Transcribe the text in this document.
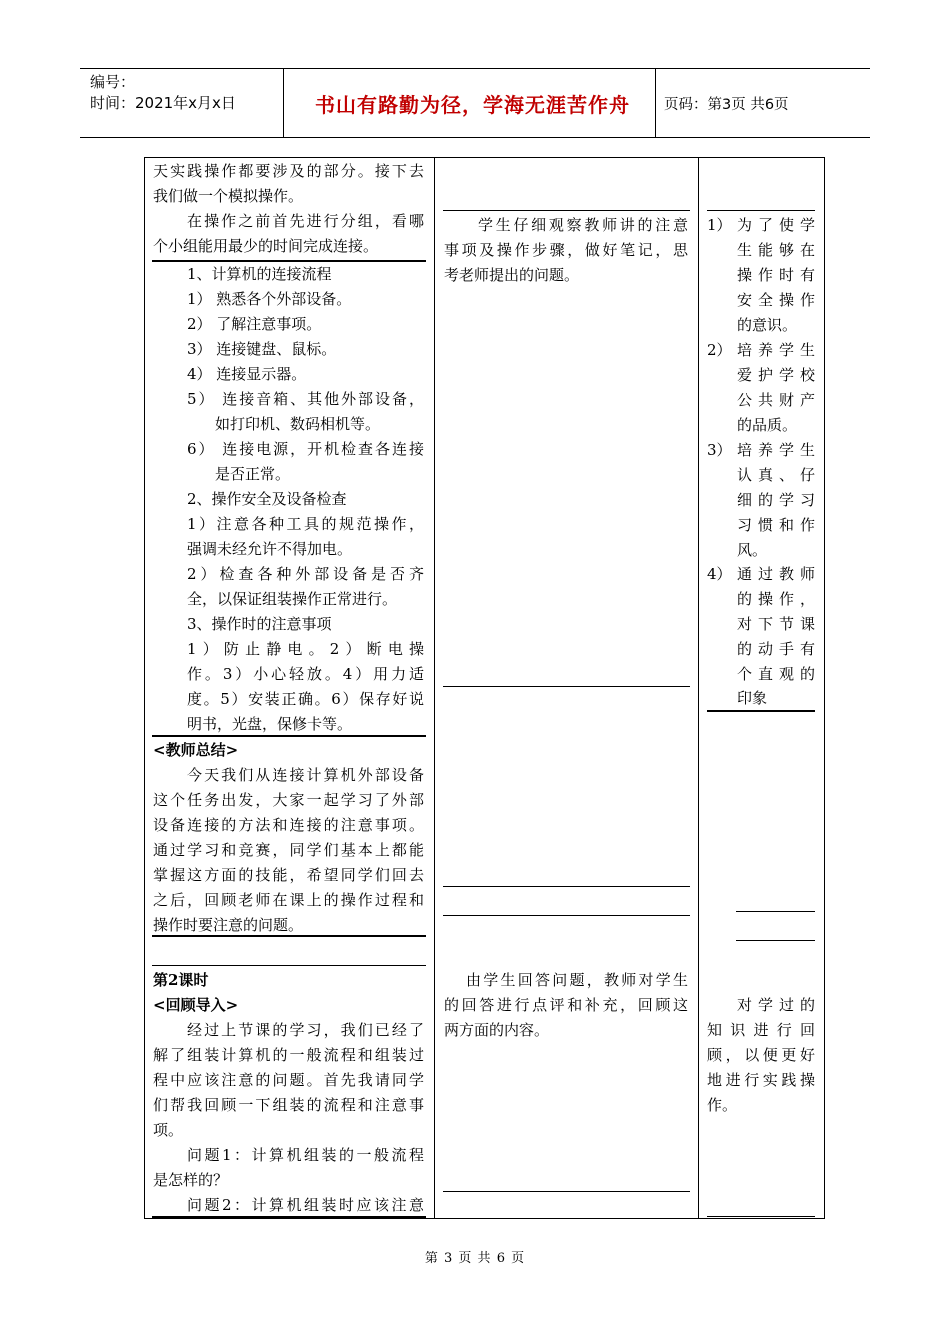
编号：
时间：2021年x月x日	书山有路勤为径，学海无涯苦作舟	页码：第3页 共6页
天实践操作都要涉及的部分。接下去
我们做一个模拟操作。
在操作之前首先进行分组，看哪
个小组能用最少的时间完成连接。
1、计算机的连接流程
1） 熟悉各个外部设备。
2） 了解注意事项。
3） 连接键盘、鼠标。
4） 连接显示器。
5） 连接音箱、其他外部设备，
如打印机、数码相机等。
6） 连接电源，开机检查各连接
是否正常。
2、操作安全及设备检查
1）注意各种工具的规范操作，
强调未经允许不得加电。
2）检查各种外部设备是否齐
全，以保证组装操作正常进行。
3、操作时的注意事项
1）防止静电。2）断电操
作。3）小心轻放。4）用力适
度。5）安装正确。6）保存好说
明书，光盘，保修卡等。
<教师总结>
今天我们从连接计算机外部设备
这个任务出发，大家一起学习了外部
设备连接的方法和连接的注意事项。
通过学习和竞赛，同学们基本上都能
掌握这方面的技能，希望同学们回去
之后，回顾老师在课上的操作过程和
操作时要注意的问题。
第2课时
<回顾导入>
经过上节课的学习，我们已经了
解了组装计算机的一般流程和组装过
程中应该注意的问题。首先我请同学
们帮我回顾一下组装的流程和注意事
项。
问题1：计算机组装的一般流程
是怎样的？
问题2：计算机组装时应该注意
学生仔细观察教师讲的注意
事项及操作步骤，做好笔记，思
考老师提出的问题。
由学生回答问题，教师对学生
的回答进行点评和补充，回顾这
两方面的内容。
1） 为了使学
生能够在
操作时有
安全操作
的意识。
2） 培养学生
爱护学校
公共财产
的品质。
3） 培养学生
认真、仔
细的学习
习惯和作
风。
4） 通过教师
的操作，
对下节课
的动手有
个直观的
印象
对学过的
知识进行回
顾，以便更好
地进行实践操
作。
第 3 页 共 6 页
